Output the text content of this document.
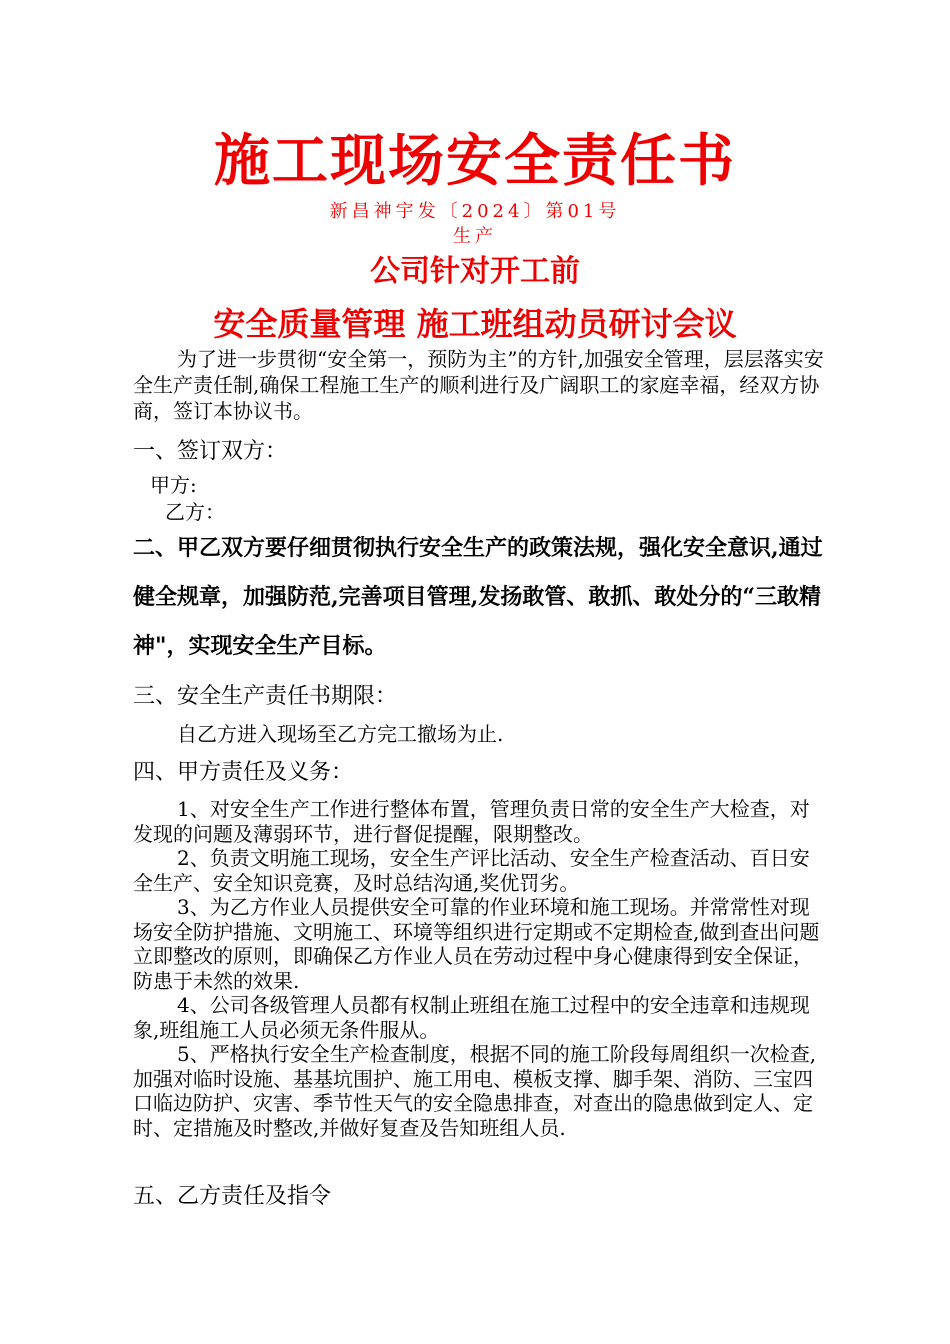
施工现场安全责任书
新昌神宇发〔2024〕第01号
生产
公司针对开工前
安全质量管理 施工班组动员研讨会议

为了进一步贯彻“安全第一，预防为主”的方针,加强安全管理，层层落实安全生产责任制,确保工程施工生产的顺利进行及广阔职工的家庭幸福，经双方协商，签订本协议书。

一、签订双方：

甲方:
乙方：

二、甲乙双方要仔细贯彻执行安全生产的政策法规，强化安全意识,通过健全规章，加强防范,完善项目管理,发扬敢管、敢抓、敢处分的“三敢精神"，实现安全生产目标。

三、安全生产责任书期限：

自乙方进入现场至乙方完工撤场为止.

四、甲方责任及义务：

1、对安全生产工作进行整体布置，管理负责日常的安全生产大检查，对发现的问题及薄弱环节，进行督促提醒，限期整改。

2、负责文明施工现场，安全生产评比活动、安全生产检查活动、百日安全生产、安全知识竞赛，及时总结沟通,奖优罚劣。

3、为乙方作业人员提供安全可靠的作业环境和施工现场。并常常性对现场安全防护措施、文明施工、环境等组织进行定期或不定期检查,做到查出问题立即整改的原则，即确保乙方作业人员在劳动过程中身心健康得到安全保证，防患于未然的效果.

4、公司各级管理人员都有权制止班组在施工过程中的安全违章和违规现象,班组施工人员必须无条件服从。

5、严格执行安全生产检查制度，根据不同的施工阶段每周组织一次检查,加强对临时设施、基基坑围护、施工用电、模板支撑、脚手架、消防、三宝四口临边防护、灾害、季节性天气的安全隐患排查，对查出的隐患做到定人、定时、定措施及时整改,并做好复查及告知班组人员.

五、乙方责任及指令
